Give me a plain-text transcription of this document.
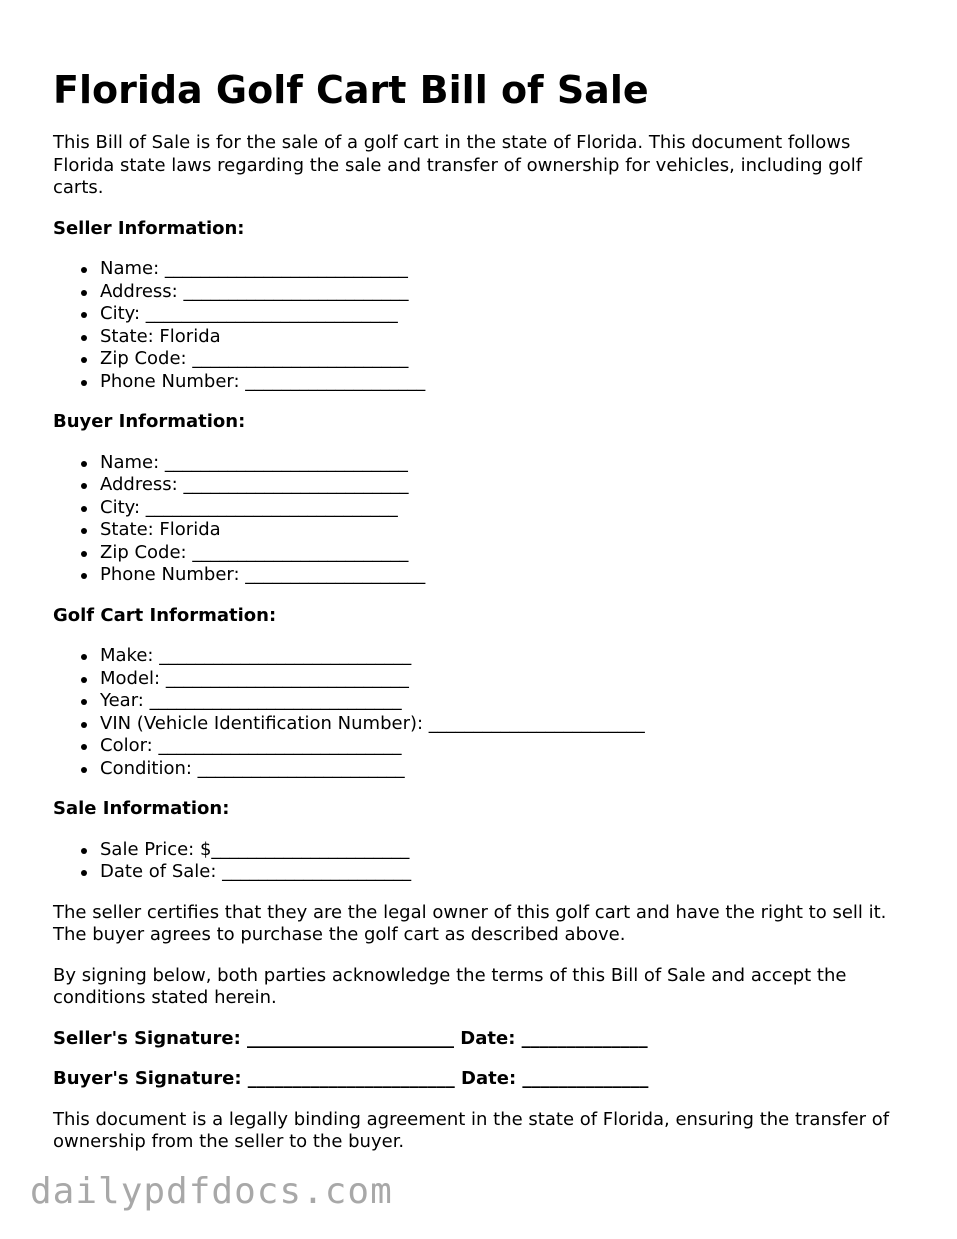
Florida Golf Cart Bill of Sale

This Bill of Sale is for the sale of a golf cart in the state of Florida. This document follows Florida state laws regarding the sale and transfer of ownership for vehicles, including golf carts.

Seller Information:
Name: ___________________________
Address: _________________________
City: ____________________________
State: Florida
Zip Code: ________________________
Phone Number: ____________________
Buyer Information:
Name: ___________________________
Address: _________________________
City: ____________________________
State: Florida
Zip Code: ________________________
Phone Number: ____________________
Golf Cart Information:
Make: ____________________________
Model: ___________________________
Year: ____________________________
VIN (Vehicle Identification Number): ________________________
Color: ___________________________
Condition: _______________________
Sale Information:
Sale Price: $______________________
Date of Sale: _____________________

The seller certifies that they are the legal owner of this golf cart and have the right to sell it. The buyer agrees to purchase the golf cart as described above.

By signing below, both parties acknowledge the terms of this Bill of Sale and accept the conditions stated herein.

Seller's Signature: _______________________ Date: ______________
Buyer's Signature: _______________________ Date: ______________

This document is a legally binding agreement in the state of Florida, ensuring the transfer of ownership from the seller to the buyer.

dailypdfdocs.com
